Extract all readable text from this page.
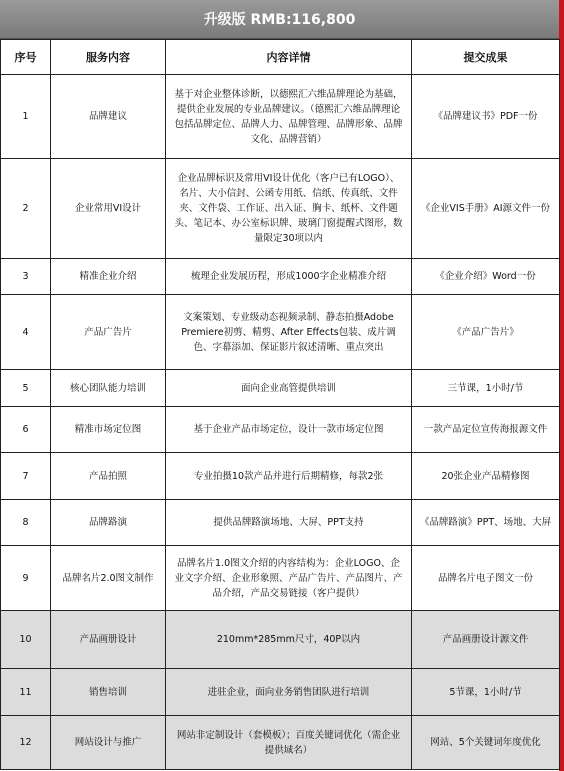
升级版 RMB:116,800
序号	服务内容	内容详情	提交成果
1	品牌建议	基于对企业整体诊断，以德熙汇六维品牌理论为基础，提供企业发展的专业品牌建议。（德熙汇六维品牌理论包括品牌定位、品牌人力、品牌管理、品牌形象、品牌文化、品牌营销）	《品牌建议书》PDF一份
2	企业常用VI设计	企业品牌标识及常用VI设计优化（客户已有LOGO）、名片、大小信封、公函专用纸、信纸、传真纸、文件夹、文件袋、工作证、出入证、胸卡、纸杯、文件题头、笔记本、办公室标识牌、玻璃门窗提醒式图形，数量限定30项以内	《企业VIS手册》AI源文件一份
3	精准企业介绍	梳理企业发展历程，形成1000字企业精准介绍	《企业介绍》Word一份
4	产品广告片	文案策划、专业级动态视频录制、静态拍摄Adobe Premiere初剪、精剪、After Effects包装、成片调色、字幕添加、保证影片叙述清晰、重点突出	《产品广告片》
5	核心团队能力培训	面向企业高管提供培训	三节课，1小时/节
6	精准市场定位图	基于企业产品市场定位，设计一款市场定位图	一款产品定位宣传海报源文件
7	产品拍照	专业拍摄10款产品并进行后期精修，每款2张	20张企业产品精修图
8	品牌路演	提供品牌路演场地、大屏、PPT支持	《品牌路演》PPT、场地、大屏
9	品牌名片2.0图文制作	品牌名片1.0图文介绍的内容结构为：企业LOGO、企业文字介绍、企业形象照、产品广告片、产品图片、产品介绍，产品交易链接（客户提供）	品牌名片电子图文一份
10	产品画册设计	210mm*285mm尺寸，40P以内	产品画册设计源文件
11	销售培训	进驻企业，面向业务销售团队进行培训	5节课，1小时/节
12	网站设计与推广	网站非定制设计（套模板）；百度关键词优化（需企业提供域名）	网站、5个关键词年度优化
